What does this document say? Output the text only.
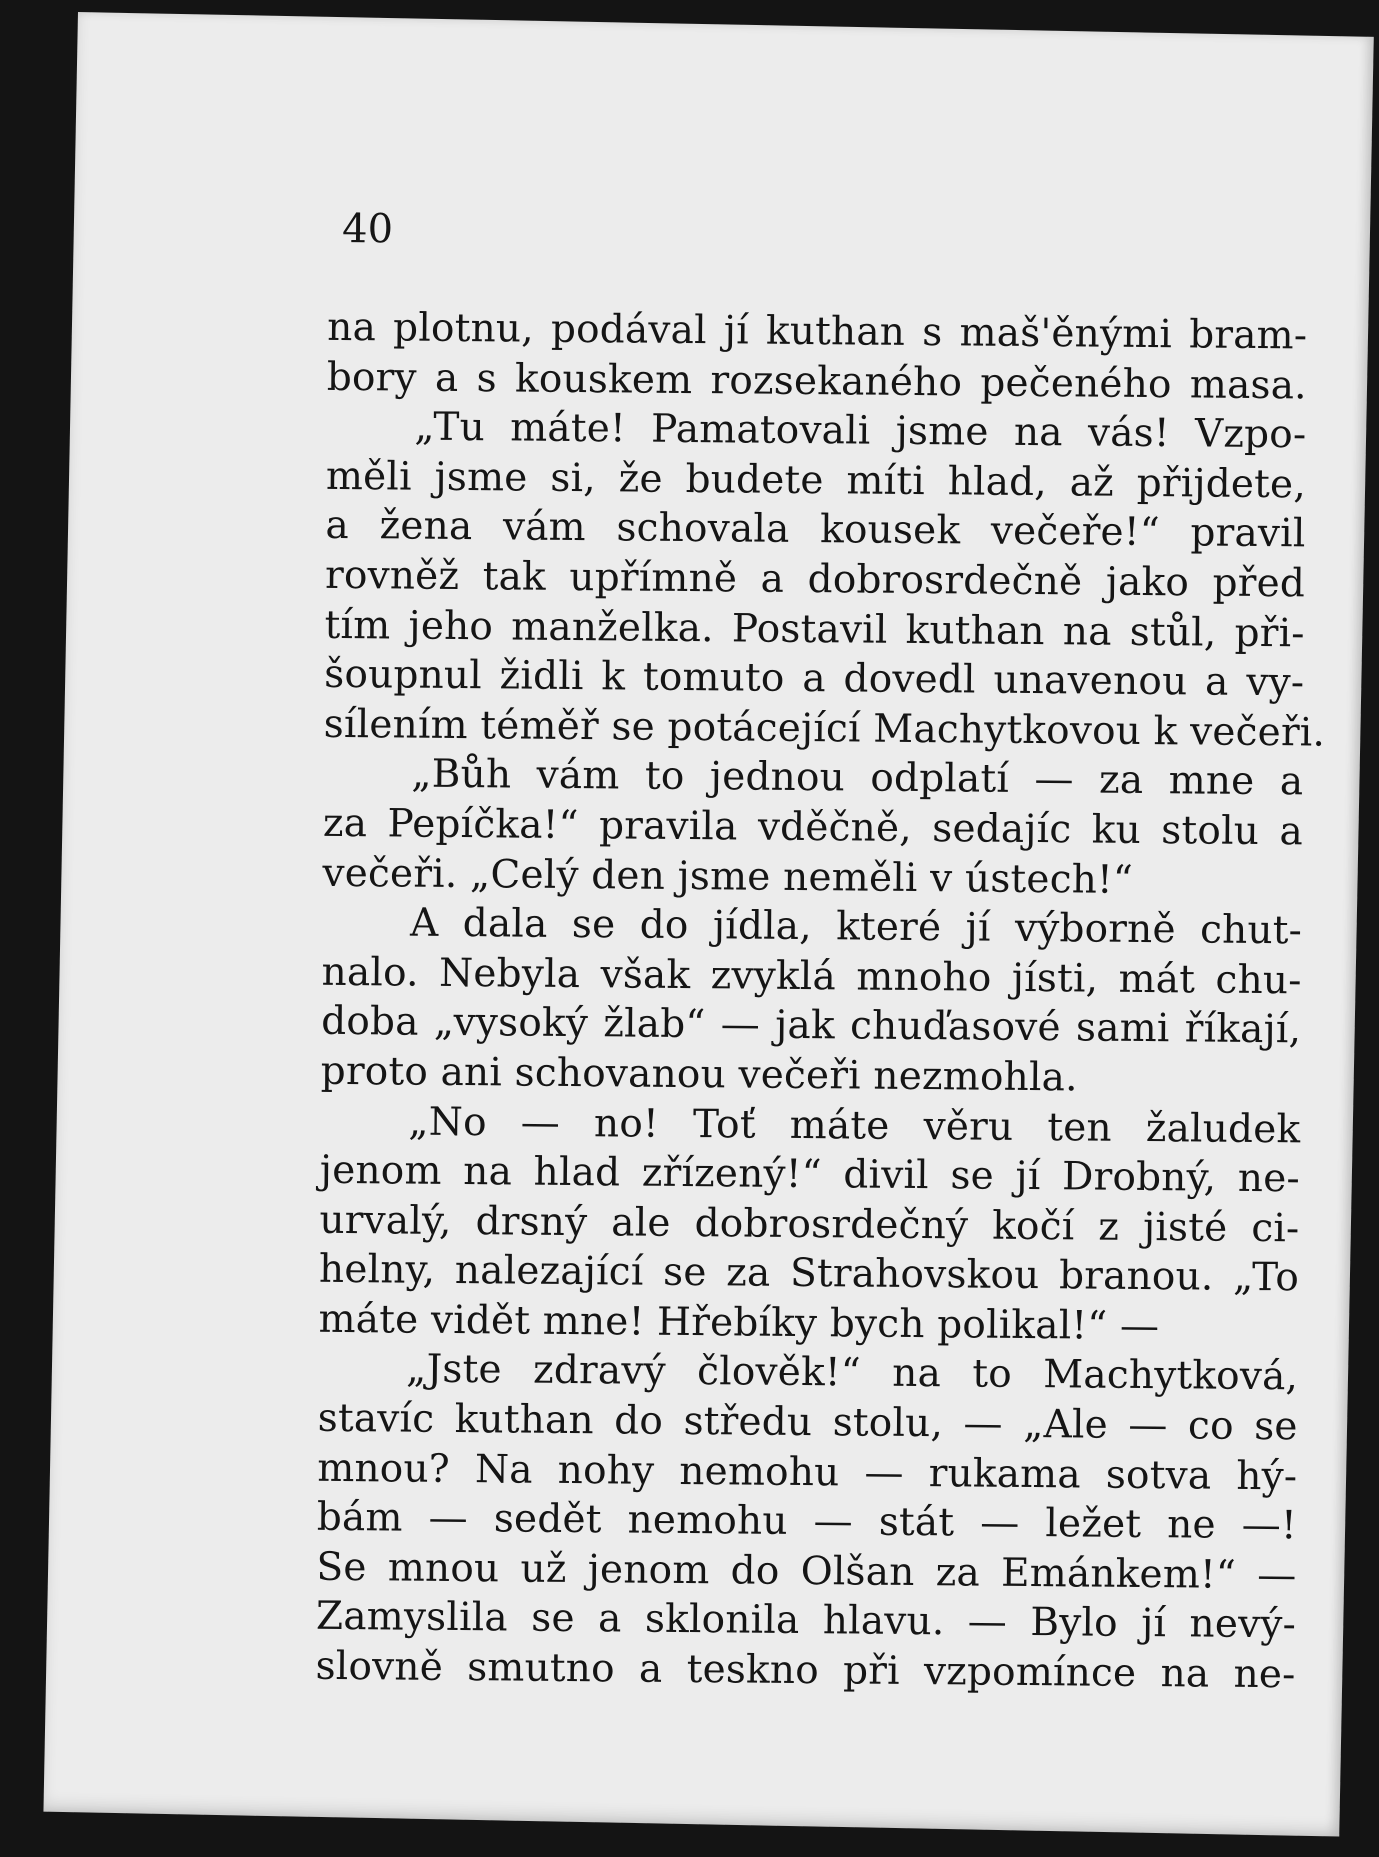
40
na plotnu, podával jí kuthan s maš'ěnými bram-
bory a s kouskem rozsekaného pečeného masa.
„Tu máte! Pamatovali jsme na vás! Vzpo-
měli jsme si, že budete míti hlad, až přijdete,
a žena vám schovala kousek večeře!“ pravil
rovněž tak upřímně a dobrosrdečně jako před
tím jeho manželka. Postavil kuthan na stůl, při-
šoupnul židli k tomuto a dovedl unavenou a vy-
sílením téměř se potácející Machytkovou k večeři.
„Bůh vám to jednou odplatí — za mne a
za Pepíčka!“ pravila vděčně, sedajíc ku stolu a
večeři. „Celý den jsme neměli v ústech!“
A dala se do jídla, které jí výborně chut-
nalo. Nebyla však zvyklá mnoho jísti, mát chu-
doba „vysoký žlab“ — jak chuďasové sami říkají,
proto ani schovanou večeři nezmohla.
„No — no! Toť máte věru ten žaludek
jenom na hlad zřízený!“ divil se jí Drobný, ne-
urvalý, drsný ale dobrosrdečný kočí z jisté ci-
helny, nalezající se za Strahovskou branou. „To
máte vidět mne! Hřebíky bych polikal!“ —
„Jste zdravý člověk!“ na to Machytková,
stavíc kuthan do středu stolu, — „Ale — co se
mnou? Na nohy nemohu — rukama sotva hý-
bám — sedět nemohu — stát — ležet ne —!
Se mnou už jenom do Olšan za Emánkem!“ —
Zamyslila se a sklonila hlavu. — Bylo jí nevý-
slovně smutno a teskno při vzpomínce na ne-
